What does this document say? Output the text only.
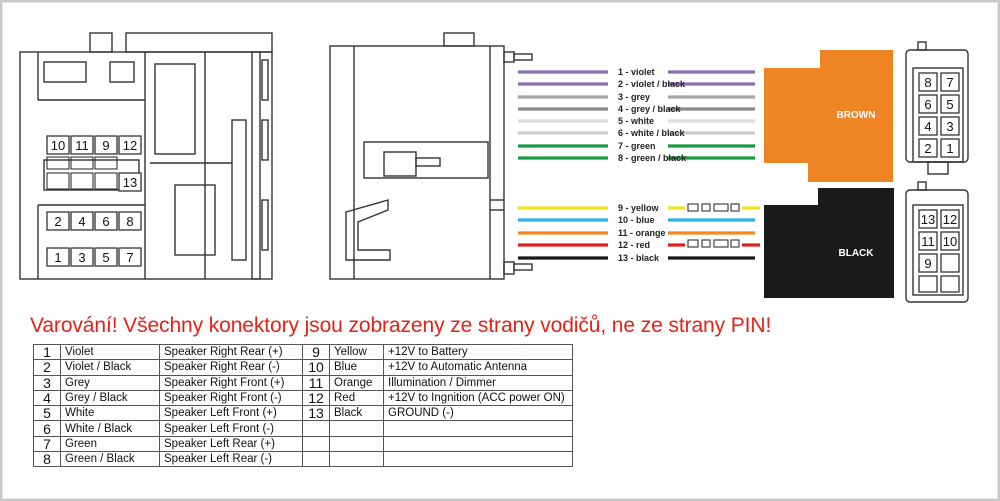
10 11 9 12
13
2 4 6 8
1 3 5 7
1 - violet
2 - violet / black
3 - grey
4 - grey / black
5 - white
6 - white / black
7 - green
8 - green / black
9 - yellow
10 - blue
11 - orange
12 - red
13 - black
BROWN
BLACK
8 7
6 5
4 3
2 1
13 12
11 10
9
Varování! Všechny konektory jsou zobrazeny ze strany vodičů, ne ze strany PIN!
1	Violet	Speaker Right Rear (+)	9	Yellow	+12V to Battery
2	Violet / Black	Speaker Right Rear (-)	10	Blue	+12V to Automatic Antenna
3	Grey	Speaker Right Front (+)	11	Orange	Illumination / Dimmer
4	Grey / Black	Speaker Right Front (-)	12	Red	+12V to Ingnition (ACC power ON)
5	White	Speaker Left Front (+)	13	Black	GROUND (-)
6	White / Black	Speaker Left Front (-)			
7	Green	Speaker Left Rear (+)			
8	Green / Black	Speaker Left Rear (-)			
